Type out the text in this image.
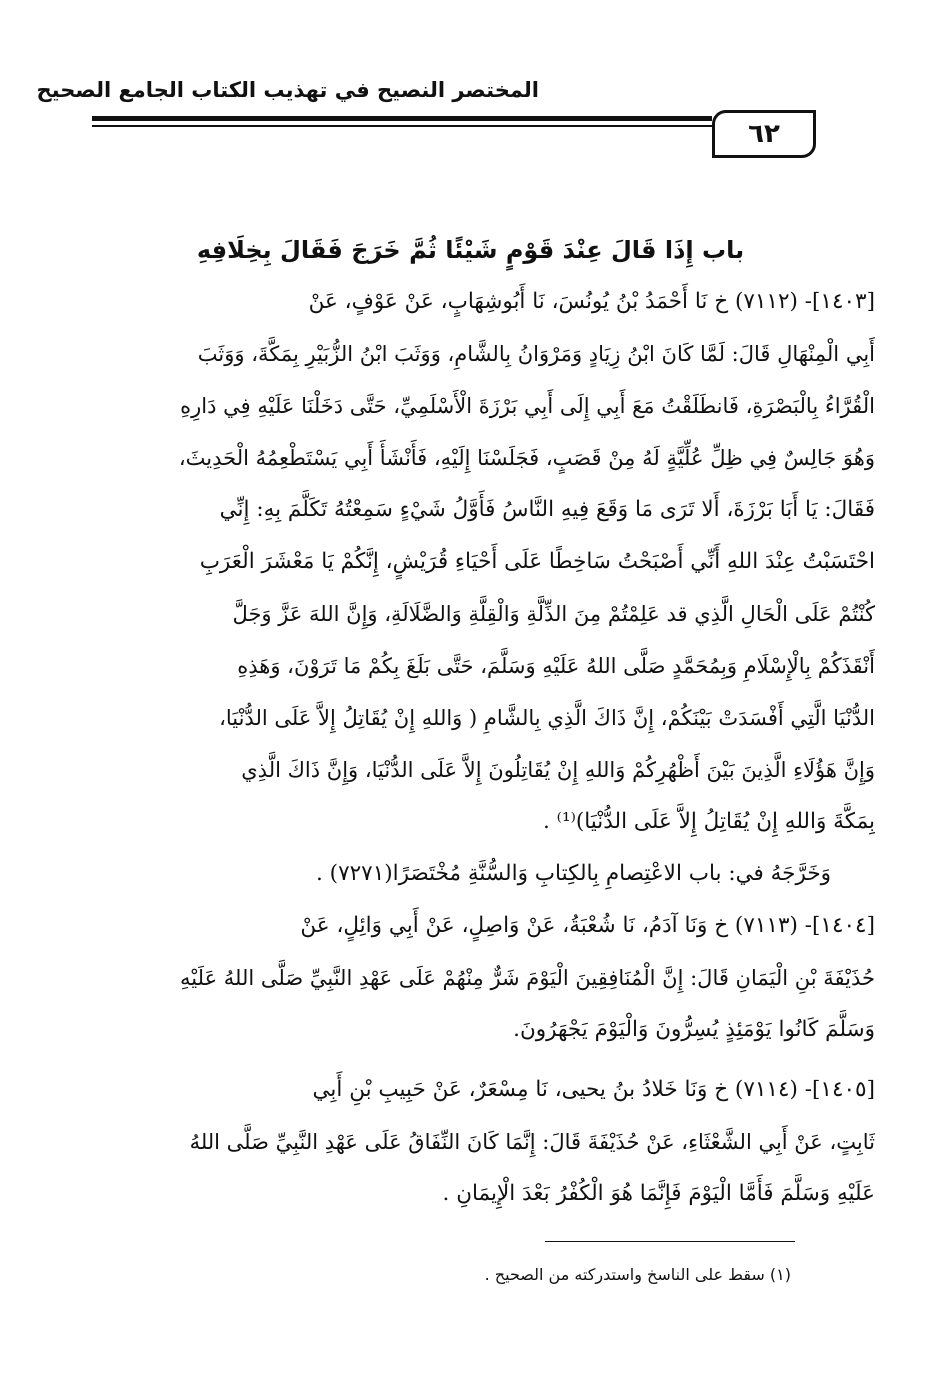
المختصر النصيح في تهذيب الكتاب الجامع الصحيح
٦٢
باب إِذَا قَالَ عِنْدَ قَوْمٍ شَيْئًا ثُمَّ خَرَجَ فَقَالَ بِخِلَافِهِ
[١٤٠٣]- (٧١١٢) خ نَا أَحْمَدُ بْنُ يُونُسَ، نَا أَبُوشِهَابٍ، عَنْ عَوْفٍ، عَنْ
أَبِي الْمِنْهَالِ قَالَ: لَمَّا كَانَ ابْنُ زِيَادٍ وَمَرْوَانُ بِالشَّامِ، وَوَثَبَ ابْنُ الزُّبَيْرِ بِمَكَّةَ، وَوَثَبَ
الْقُرَّاءُ بِالْبَصْرَةِ، فَانطَلَقْتُ مَعَ أَبِي إِلَى أَبِي بَرْزَةَ الْأَسْلَمِيِّ، حَتَّى دَخَلْنَا عَلَيْهِ فِي دَارِهِ
وَهُوَ جَالِسٌ فِي ظِلِّ عُلِّيَّةٍ لَهُ مِنْ قَصَبٍ، فَجَلَسْنَا إِلَيْهِ، فَأَنْشَأَ أَبِي يَسْتَطْعِمُهُ الْحَدِيثَ،
فَقَالَ: يَا أَبَا بَرْزَةَ، أَلا تَرَى مَا وَقَعَ فِيهِ النَّاسُ فَأَوَّلُ شَيْءٍ سَمِعْتُهُ تَكَلَّمَ بِهِ: إِنِّي
احْتَسَبْتُ عِنْدَ اللهِ أَنِّي أَصْبَحْتُ سَاخِطًا عَلَى أَحْيَاءِ قُرَيْشٍ، إِنَّكُمْ يَا مَعْشَرَ الْعَرَبِ
كُنْتُمْ عَلَى الْحَالِ الَّذِي قد عَلِمْتُمْ مِنَ الذِّلَّةِ وَالْقِلَّةِ وَالضَّلَالَةِ، وَإِنَّ اللهَ عَزَّ وَجَلَّ
أَنْقَذَكُمْ بِالْإِسْلَامِ وَبِمُحَمَّدٍ صَلَّى اللهُ عَلَيْهِ وَسَلَّمَ، حَتَّى بَلَغَ بِكُمْ مَا تَرَوْنَ، وَهَذِهِ
الدُّنْيَا الَّتِي أَفْسَدَتْ بَيْنَكُمْ، إِنَّ ذَاكَ الَّذِي بِالشَّامِ ( وَاللهِ إِنْ يُقَاتِلُ إِلاَّ عَلَى الدُّنْيَا،
وَإِنَّ هَؤُلَاءِ الَّذِينَ بَيْنَ أَظْهُرِكُمْ وَاللهِ إِنْ يُقَاتِلُونَ إِلاَّ عَلَى الدُّنْيَا، وَإِنَّ ذَاكَ الَّذِي
بِمَكَّةَ وَاللهِ إِنْ يُقَاتِلُ إِلاَّ عَلَى الدُّنْيَا)⁽¹⁾ .
وَخَرَّجَهُ في: باب الاعْتِصامِ بِالكِتابِ وَالسُّنَّةِ مُخْتَصَرًا(٧٢٧١) .
[١٤٠٤]- (٧١١٣) خ وَنَا آدَمُ، نَا شُعْبَةُ، عَنْ وَاصِلٍ، عَنْ أَبِي وَائِلٍ، عَنْ
حُذَيْفَةَ بْنِ الْيَمَانِ قَالَ: إِنَّ الْمُنَافِقِينَ الْيَوْمَ شَرٌّ مِنْهُمْ عَلَى عَهْدِ النَّبِيِّ صَلَّى اللهُ عَلَيْهِ
وَسَلَّمَ كَانُوا يَوْمَئِذٍ يُسِرُّونَ وَالْيَوْمَ يَجْهَرُونَ.
[١٤٠٥]- (٧١١٤) خ وَنَا خَلادُ بنُ يحيى، نَا مِسْعَرٌ، عَنْ حَبِيبِ بْنِ أَبِي
ثَابِتٍ، عَنْ أَبِي الشَّعْثَاءِ، عَنْ حُذَيْفَةَ قَالَ: إِنَّمَا كَانَ النِّفَاقُ عَلَى عَهْدِ النَّبِيِّ صَلَّى اللهُ
عَلَيْهِ وَسَلَّمَ فَأَمَّا الْيَوْمَ فَإِنَّمَا هُوَ الْكُفْرُ بَعْدَ الْإِيمَانِ .
(١) سقط على الناسخ واستدركته من الصحيح .
